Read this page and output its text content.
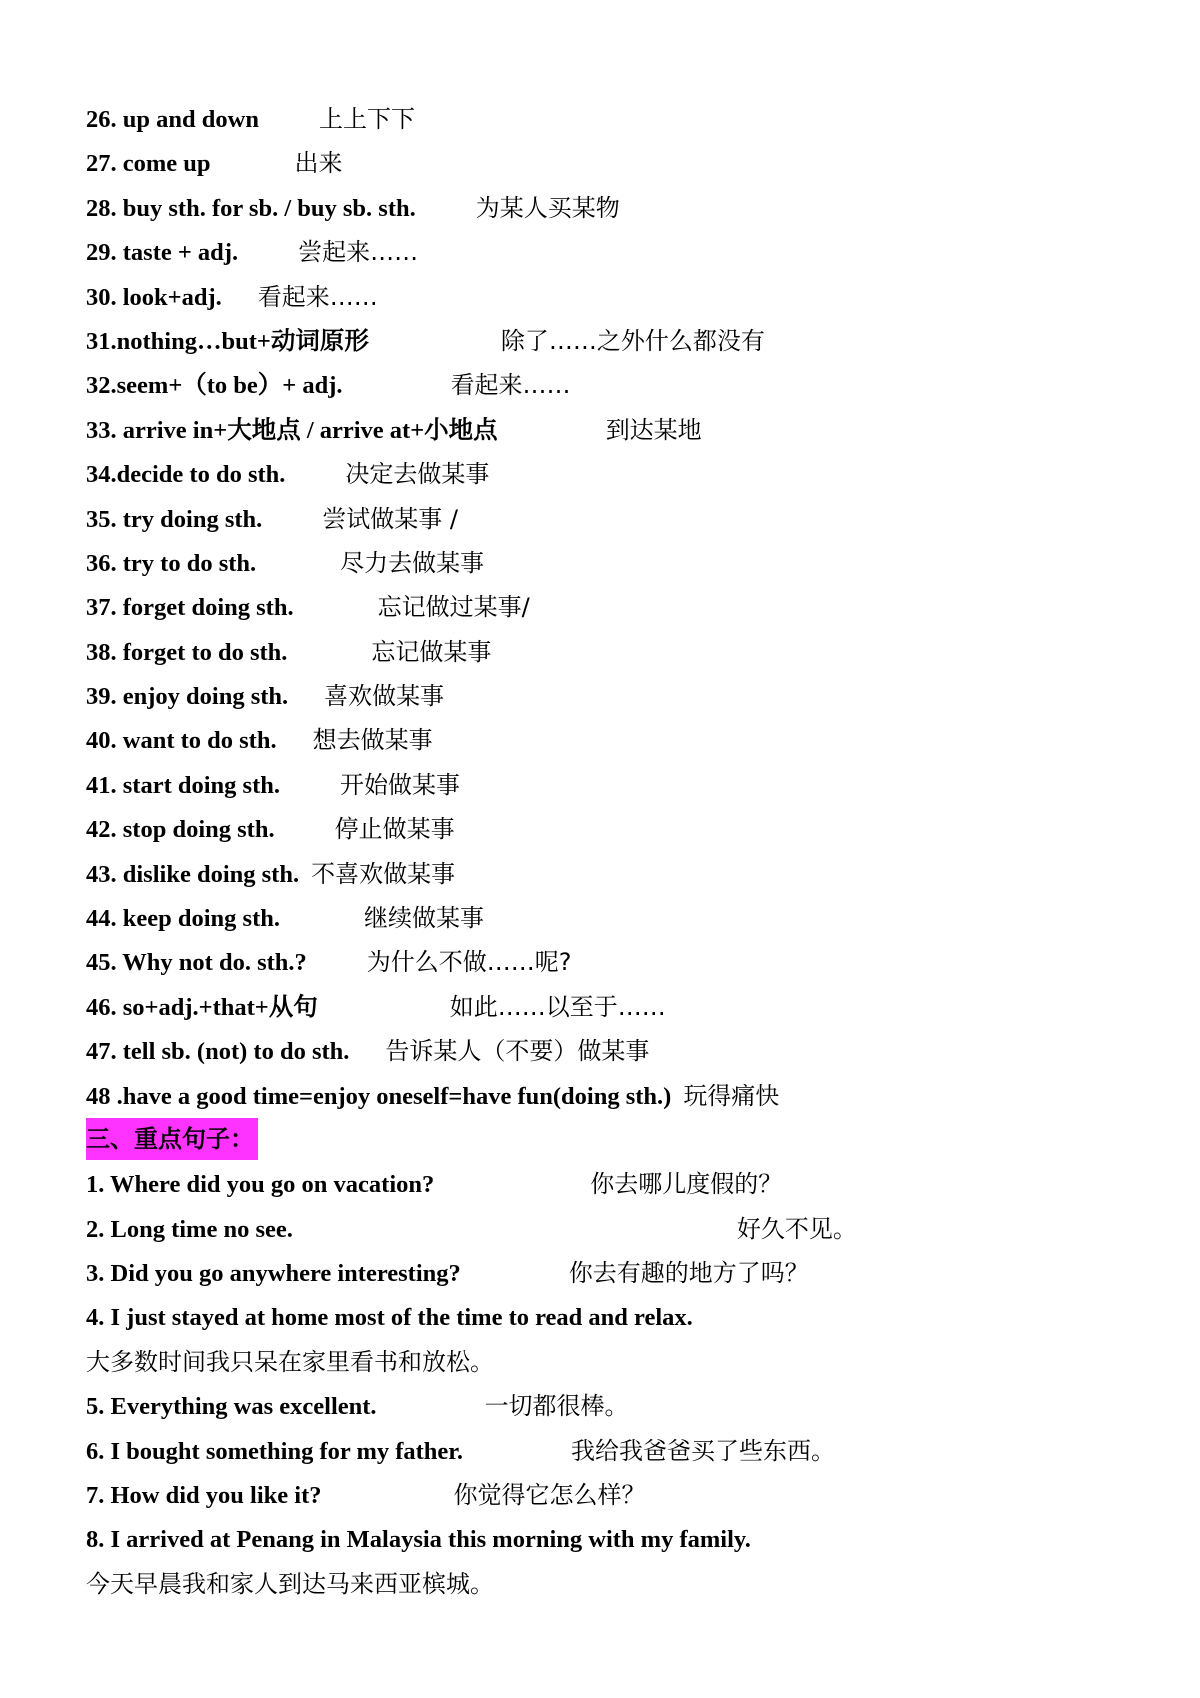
26. up and down	上上下下
27. come up	出来
28. buy sth. for sb. / buy sb. sth.	为某人买某物
29. taste + adj.	尝起来……
30. look+adj. 看起来……
31.nothing…but+动词原形	除了……之外什么都没有
32.seem+（to be）+ adj.	看起来……
33. arrive in+大地点 / arrive at+小地点	到达某地
34.decide to do sth.	决定去做某事
35. try doing sth.	尝试做某事 /
36. try to do sth.	尽力去做某事
37. forget doing sth.	忘记做过某事/
38. forget to do sth.	忘记做某事
39. enjoy doing sth. 喜欢做某事
40. want to do sth. 想去做某事
41. start doing sth.	开始做某事
42. stop doing sth.	停止做某事
43. dislike doing sth. 不喜欢做某事
44. keep doing sth.	继续做某事
45. Why not do. sth.?	为什么不做……呢?
46. so+adj.+that+从句	如此……以至于……
47. tell sb. (not) to do sth. 告诉某人（不要）做某事
48 .have a good time=enjoy oneself=have fun(doing sth.) 玩得痛快
三、重点句子：
1. Where did you go on vacation?	你去哪儿度假的？
2. Long time no see.	好久不见。
3. Did you go anywhere interesting?	你去有趣的地方了吗？
4. I just stayed at home most of the time to read and relax.
大多数时间我只呆在家里看书和放松。
5. Everything was excellent.	一切都很棒。
6. I bought something for my father.	我给我爸爸买了些东西。
7. How did you like it?	你觉得它怎么样？
8. I arrived at Penang in Malaysia this morning with my family.
今天早晨我和家人到达马来西亚槟城。
